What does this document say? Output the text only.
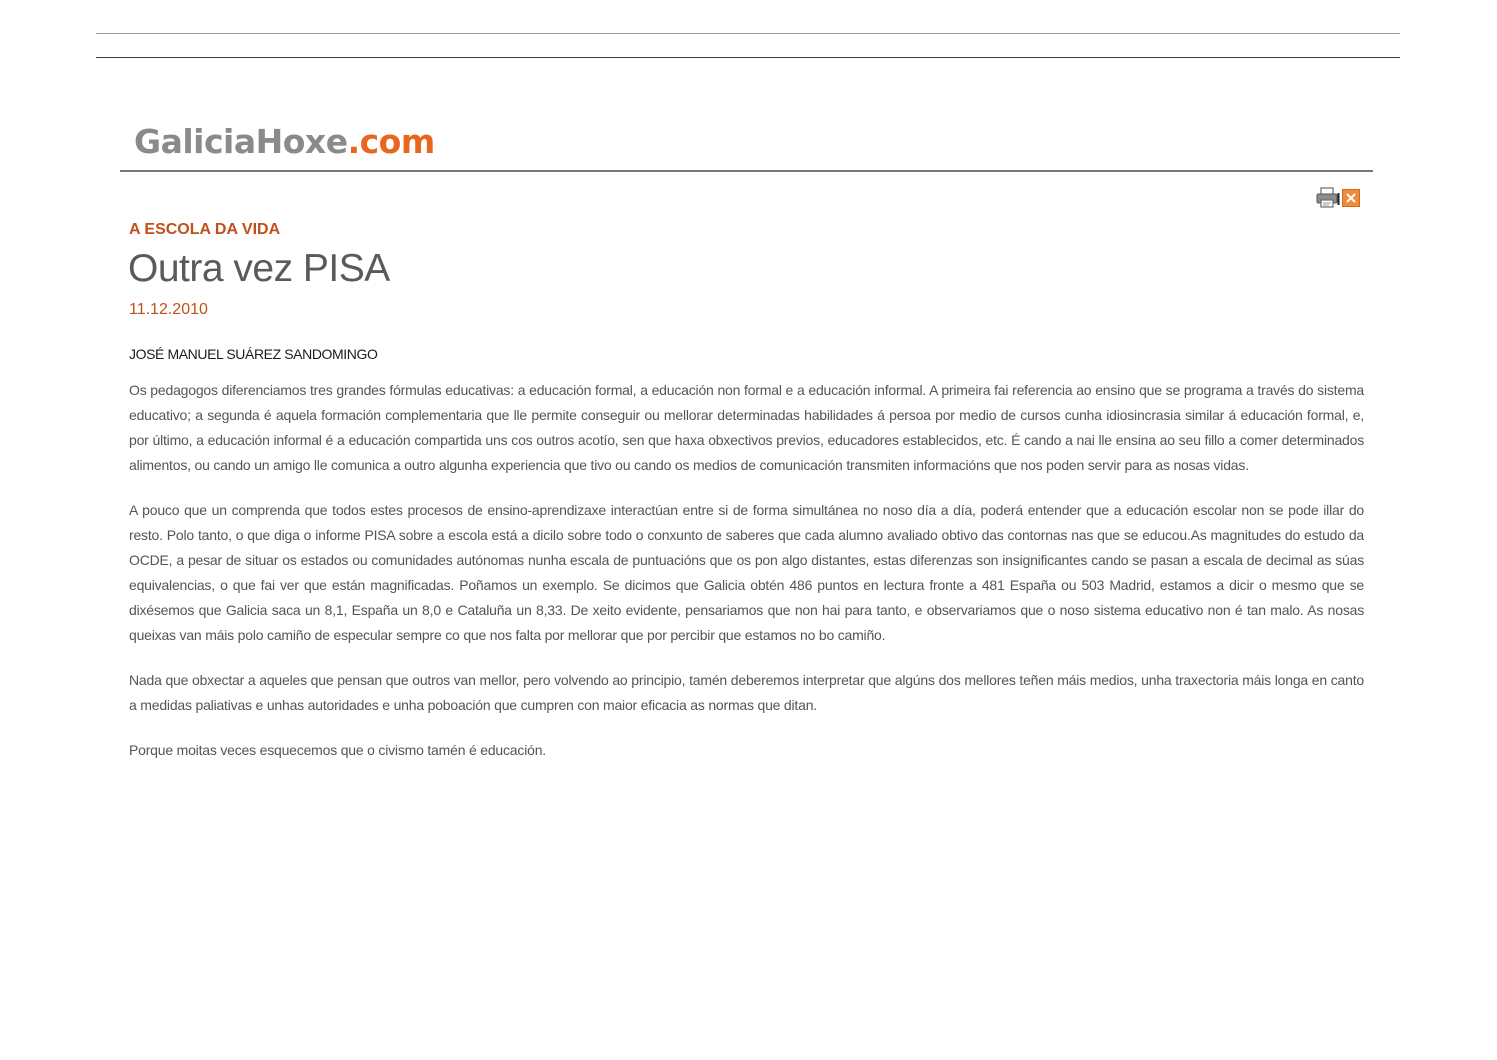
GaliciaHoxe.com
A ESCOLA DA VIDA
Outra vez PISA
11.12.2010
JOSÉ MANUEL SUÁREZ SANDOMINGO

Os pedagogos diferenciamos tres grandes fórmulas educativas: a educación formal, a educación non formal e a educación informal. A primeira fai referencia ao ensino que se programa a través do sistema educativo; a segunda é aquela formación complementaria que lle permite conseguir ou mellorar determinadas habilidades á persoa por medio de cursos cunha idiosincrasia similar á educación formal, e, por último, a educación informal é a educación compartida uns cos outros acotío, sen que haxa obxectivos previos, educadores establecidos, etc. É cando a nai lle ensina ao seu fillo a comer determinados alimentos, ou cando un amigo lle comunica a outro algunha experiencia que tivo ou cando os medios de comunicación transmiten informacións que nos poden servir para as nosas vidas.

A pouco que un comprenda que todos estes procesos de ensino-aprendizaxe interactúan entre si de forma simultánea no noso día a día, poderá entender que a educación escolar non se pode illar do resto. Polo tanto, o que diga o informe PISA sobre a escola está a dicilo sobre todo o conxunto de saberes que cada alumno avaliado obtivo das contornas nas que se educou.As magnitudes do estudo da OCDE, a pesar de situar os estados ou comunidades autónomas nunha escala de puntuacións que os pon algo distantes, estas diferenzas son insignificantes cando se pasan a escala de decimal as súas equivalencias, o que fai ver que están magnificadas. Poñamos un exemplo. Se dicimos que Galicia obtén 486 puntos en lectura fronte a 481 España ou 503 Madrid, estamos a dicir o mesmo que se dixésemos que Galicia saca un 8,1, España un 8,0 e Cataluña un 8,33. De xeito evidente, pensariamos que non hai para tanto, e observariamos que o noso sistema educativo non é tan malo. As nosas queixas van máis polo camiño de especular sempre co que nos falta por mellorar que por percibir que estamos no bo camiño.

Nada que obxectar a aqueles que pensan que outros van mellor, pero volvendo ao principio, tamén deberemos interpretar que algúns dos mellores teñen máis medios, unha traxectoria máis longa en canto a medidas paliativas e unhas autoridades e unha poboación que cumpren con maior eficacia as normas que ditan.

Porque moitas veces esquecemos que o civismo tamén é educación.
